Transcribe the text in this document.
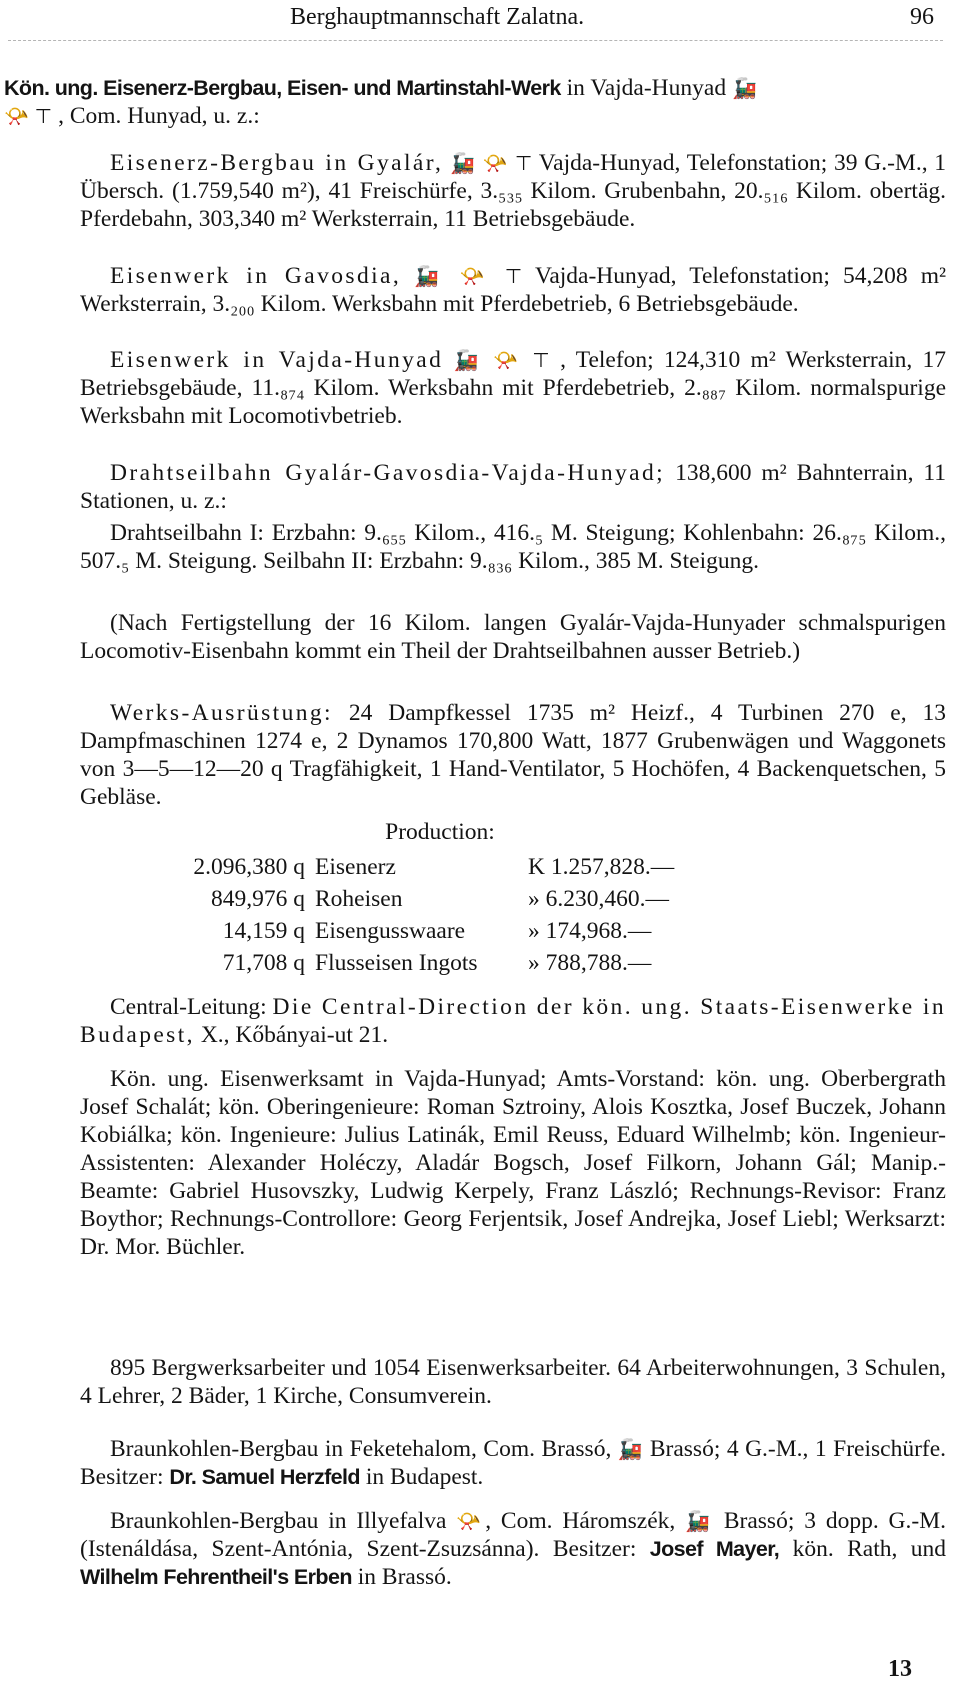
Berghauptmannschaft Zalatna.	96

Kön. ung. Eisenerz-Bergbau, Eisen- und Martinstahl-Werk in Vajda-Hunyad 🚂
📯 ⊤ , Com. Hunyad, u. z.:

Eisenerz-Bergbau in Gyalár, 🚂 📯 ⊤ Vajda-Hunyad, Telefonstation; 39 G.-M., 1 Übersch. (1.759,540 m²), 41 Freischürfe, 3.₅₃₅ Kilom. Grubenbahn, 20.₅₁₆ Kilom. obertäg. Pferdebahn, 303,340 m² Werksterrain, 11 Betriebsgebäude.

Eisenwerk in Gavosdia, 🚂 📯 ⊤ Vajda-Hunyad, Telefonstation; 54,208 m² Werksterrain, 3.₂₀₀ Kilom. Werksbahn mit Pferdebetrieb, 6 Betriebsgebäude.

Eisenwerk in Vajda-Hunyad 🚂 📯 ⊤ , Telefon; 124,310 m² Werksterrain, 17 Betriebsgebäude, 11.₈₇₄ Kilom. Werksbahn mit Pferdebetrieb, 2.₈₈₇ Kilom. normalspurige Werksbahn mit Locomotivbetrieb.

Drahtseilbahn Gyalár-Gavosdia-Vajda-Hunyad; 138,600 m² Bahnterrain, 11 Stationen, u. z.:

Drahtseilbahn I: Erzbahn: 9.₆₅₅ Kilom., 416.₅ M. Steigung; Kohlenbahn: 26.₈₇₅ Kilom., 507.₅ M. Steigung. Seilbahn II: Erzbahn: 9.₈₃₆ Kilom., 385 M. Steigung.

(Nach Fertigstellung der 16 Kilom. langen Gyalár-Vajda-Hunyader schmalspurigen Locomotiv-Eisenbahn kommt ein Theil der Drahtseilbahnen ausser Betrieb.)

Werks-Ausrüstung: 24 Dampfkessel 1735 m² Heizf., 4 Turbinen 270 e, 13 Dampfmaschinen 1274 e, 2 Dynamos 170,800 Watt, 1877 Grubenwägen und Waggonets von 3—5—12—20 q Tragfähigkeit, 1 Hand-Ventilator, 5 Hochöfen, 4 Backenquetschen, 5 Gebläse.

Production:

2.096,380 q Eisenerz	K 1.257,828.—
849,976 q Roheisen	» 6.230,460.—
14,159 q Eisengusswaare	» 174,968.—
71,708 q Flusseisen Ingots	» 788,788.—

Central-Leitung: Die Central-Direction der kön. ung. Staats-Eisenwerke in Budapest, X., Kőbányai-ut 21.

Kön. ung. Eisenwerksamt in Vajda-Hunyad; Amts-Vorstand: kön. ung. Oberbergrath Josef Schalát; kön. Oberingenieure: Roman Sztroiny, Alois Kosztka, Josef Buczek, Johann Kobiálka; kön. Ingenieure: Julius Latinák, Emil Reuss, Eduard Wilhelmb; kön. Ingenieur-Assistenten: Alexander Holéczy, Aladár Bogsch, Josef Filkorn, Johann Gál; Manip.-Beamte: Gabriel Husovszky, Ludwig Kerpely, Franz László; Rechnungs-Revisor: Franz Boythor; Rechnungs-Controllore: Georg Ferjentsik, Josef Andrejka, Josef Liebl; Werksarzt: Dr. Mor. Büchler.

895 Bergwerksarbeiter und 1054 Eisenwerksarbeiter. 64 Arbeiterwohnungen, 3 Schulen, 4 Lehrer, 2 Bäder, 1 Kirche, Consumverein.

Braunkohlen-Bergbau in Feketehalom, Com. Brassó, 🚂 Brassó; 4 G.-M., 1 Freischürfe. Besitzer: Dr. Samuel Herzfeld in Budapest.

Braunkohlen-Bergbau in Illyefalva 📯, Com. Háromszék, 🚂 Brassó; 3 dopp. G.-M. (Istenáldása, Szent-Antónia, Szent-Zsuzsánna). Besitzer: Josef Mayer, kön. Rath, und Wilhelm Fehrentheil's Erben in Brassó.

13
